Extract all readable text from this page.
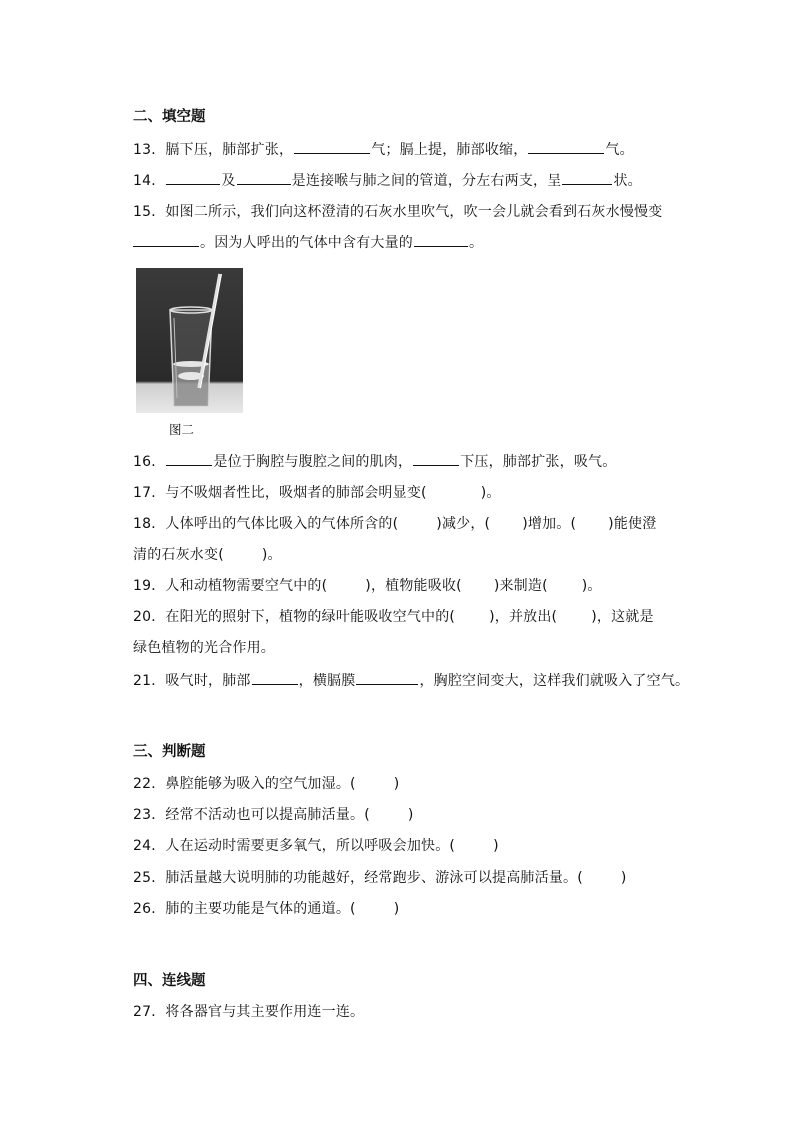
二、填空题
13．膈下压，肺部扩张，	气；膈上提，肺部收缩，	气。
14．	及	是连接喉与肺之间的管道，分左右两支，呈	状。
15．如图二所示，我们向这杯澄清的石灰水里吹气，吹一会儿就会看到石灰水慢慢变
。因为人呼出的气体中含有大量的	。
图二
16．	是位于胸腔与腹腔之间的肌肉，	下压，肺部扩张，吸气。
17．与不吸烟者性比，吸烟者的肺部会明显变(	)。
18．人体呼出的气体比吸入的气体所含的(	)减少，( )增加。( )能使澄
清的石灰水变(	)。
19．人和动植物需要空气中的(	)，植物能吸收( )来制造( )。
20．在阳光的照射下，植物的绿叶能吸收空气中的( )，并放出( )，这就是
绿色植物的光合作用。
21．吸气时，肺部	，横膈膜	，胸腔空间变大，这样我们就吸入了空气。
三、判断题
22．鼻腔能够为吸入的空气加湿。(	)
23．经常不活动也可以提高肺活量。(	)
24．人在运动时需要更多氧气，所以呼吸会加快。(	)
25．肺活量越大说明肺的功能越好，经常跑步、游泳可以提高肺活量。(	)
26．肺的主要功能是气体的通道。(	)
四、连线题
27．将各器官与其主要作用连一连。
